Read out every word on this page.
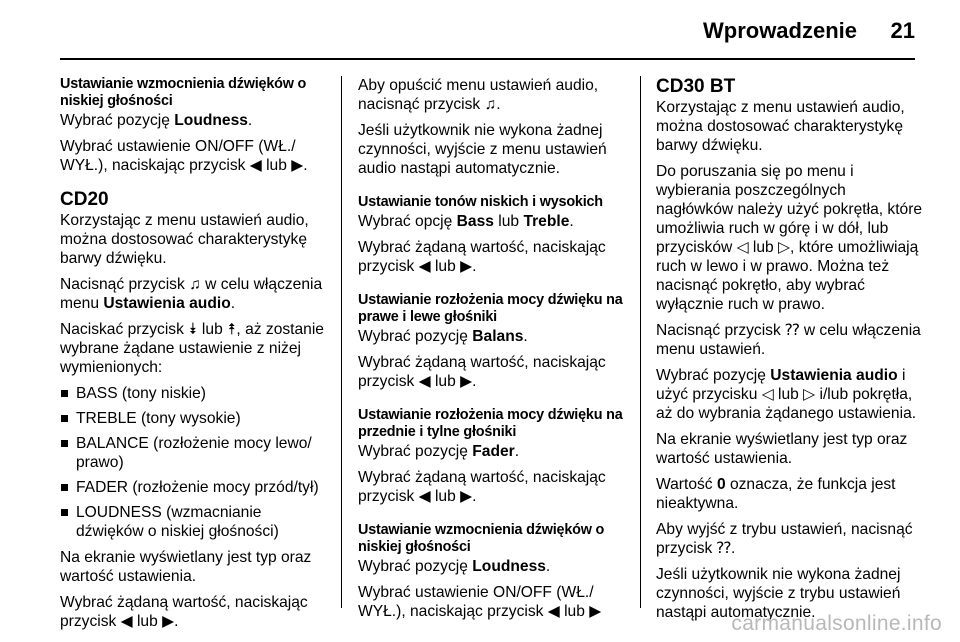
Wprowadzenie 21
Ustawianie wzmocnienia dźwięków o niskiej głośności

Wybrać pozycję Loudness.

Wybrać ustawienie ON/OFF (WŁ./ WYŁ.), naciskając przycisk ◀ lub ▶.

CD20

Korzystając z menu ustawień audio, można dostosować charakterystykę barwy dźwięku.

Nacisnąć przycisk ♫ w celu włączenia menu Ustawienia audio.

Naciskać przycisk ⯯ lub ⯭, aż zostanie wybrane żądane ustawienie z niżej wymienionych:

BASS (tony niskie)
TREBLE (tony wysokie)
BALANCE (rozłożenie mocy lewo/ prawo)
FADER (rozłożenie mocy przód/tył)
LOUDNESS (wzmacnianie dźwięków o niskiej głośności)

Na ekranie wyświetlany jest typ oraz wartość ustawienia.

Wybrać żądaną wartość, naciskając przycisk ◀ lub ▶.

Aby opuścić menu ustawień audio, nacisnąć przycisk ♫.

Jeśli użytkownik nie wykona żadnej czynności, wyjście z menu ustawień audio nastąpi automatycznie.

Ustawianie tonów niskich i wysokich

Wybrać opcję Bass lub Treble.

Wybrać żądaną wartość, naciskając przycisk ◀ lub ▶.

Ustawianie rozłożenia mocy dźwięku na prawe i lewe głośniki

Wybrać pozycję Balans.

Wybrać żądaną wartość, naciskając przycisk ◀ lub ▶.

Ustawianie rozłożenia mocy dźwięku na przednie i tylne głośniki

Wybrać pozycję Fader.

Wybrać żądaną wartość, naciskając przycisk ◀ lub ▶.

Ustawianie wzmocnienia dźwięków o niskiej głośności

Wybrać pozycję Loudness.

Wybrać ustawienie ON/OFF (WŁ./ WYŁ.), naciskając przycisk ◀ lub ▶

CD30 BT

Korzystając z menu ustawień audio, można dostosować charakterystykę barwy dźwięku.

Do poruszania się po menu i wybierania poszczególnych nagłówków należy użyć pokrętła, które umożliwia ruch w górę i w dół, lub przycisków ◁ lub ▷, które umożliwiają ruch w lewo i w prawo. Można też nacisnąć pokrętło, aby wybrać wyłącznie ruch w prawo.

Nacisnąć przycisk ⁇ w celu włączenia menu ustawień.

Wybrać pozycję Ustawienia audio i użyć przycisku ◁ lub ▷ i/lub pokrętła, aż do wybrania żądanego ustawienia.

Na ekranie wyświetlany jest typ oraz wartość ustawienia.

Wartość 0 oznacza, że funkcja jest nieaktywna.

Aby wyjść z trybu ustawień, nacisnąć przycisk ⁇.

Jeśli użytkownik nie wykona żadnej czynności, wyjście z trybu ustawień nastąpi automatycznie.

carmanualsonline.info
